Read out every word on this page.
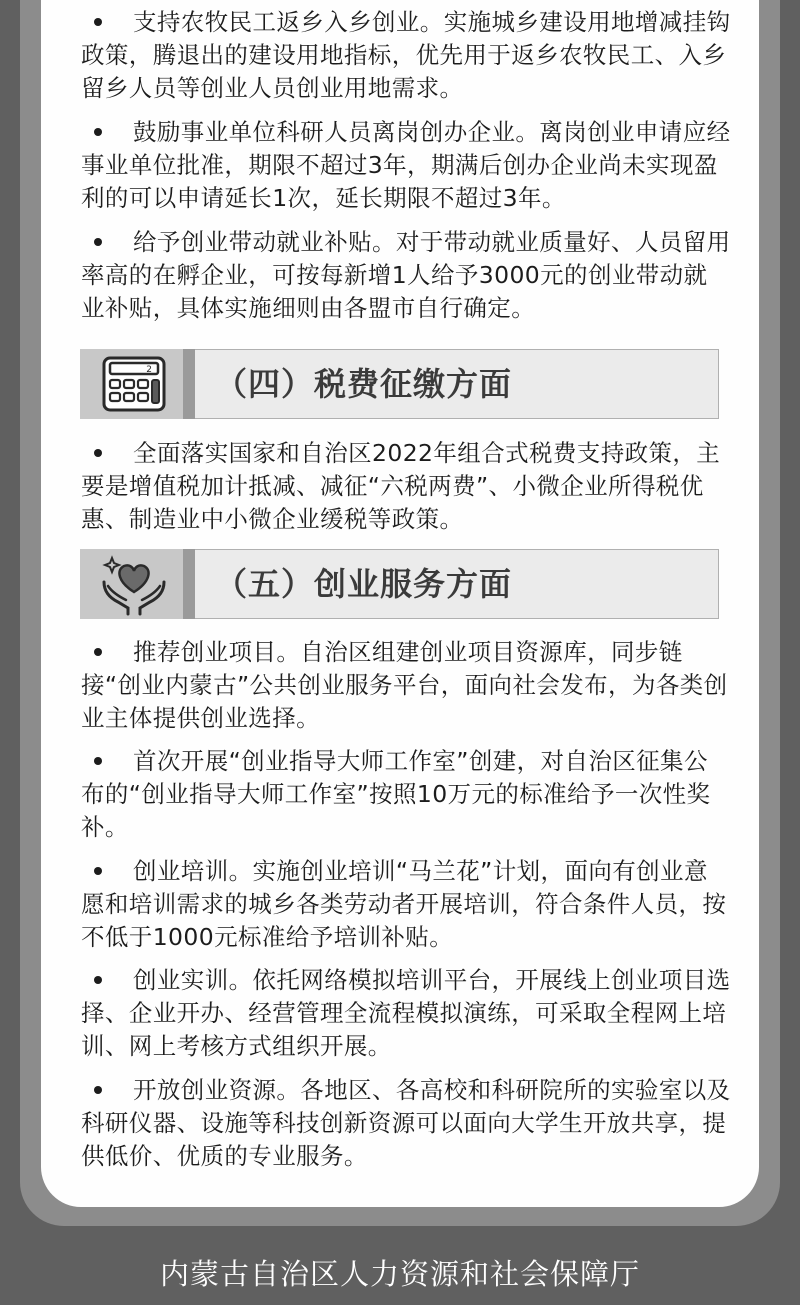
支持农牧民工返乡入乡创业。实施城乡建设用地增减挂钩政策，腾退出的建设用地指标，优先用于返乡农牧民工、入乡留乡人员等创业人员创业用地需求。

鼓励事业单位科研人员离岗创办企业。离岗创业申请应经事业单位批准，期限不超过3年，期满后创办企业尚未实现盈利的可以申请延长1次，延长期限不超过3年。

给予创业带动就业补贴。对于带动就业质量好、人员留用率高的在孵企业，可按每新增1人给予3000元的创业带动就业补贴，具体实施细则由各盟市自行确定。

2 （四）税费征缴方面

全面落实国家和自治区2022年组合式税费支持政策，主要是增值税加计抵减、减征“六税两费”、小微企业所得税优惠、制造业中小微企业缓税等政策。

（五）创业服务方面

推荐创业项目。自治区组建创业项目资源库，同步链接“创业内蒙古”公共创业服务平台，面向社会发布，为各类创业主体提供创业选择。

首次开展“创业指导大师工作室”创建，对自治区征集公布的“创业指导大师工作室”按照10万元的标准给予一次性奖补。

创业培训。实施创业培训“马兰花”计划，面向有创业意愿和培训需求的城乡各类劳动者开展培训，符合条件人员，按不低于1000元标准给予培训补贴。

创业实训。依托网络模拟培训平台，开展线上创业项目选择、企业开办、经营管理全流程模拟演练，可采取全程网上培训、网上考核方式组织开展。

开放创业资源。各地区、各高校和科研院所的实验室以及科研仪器、设施等科技创新资源可以面向大学生开放共享，提供低价、优质的专业服务。

内蒙古自治区人力资源和社会保障厅
